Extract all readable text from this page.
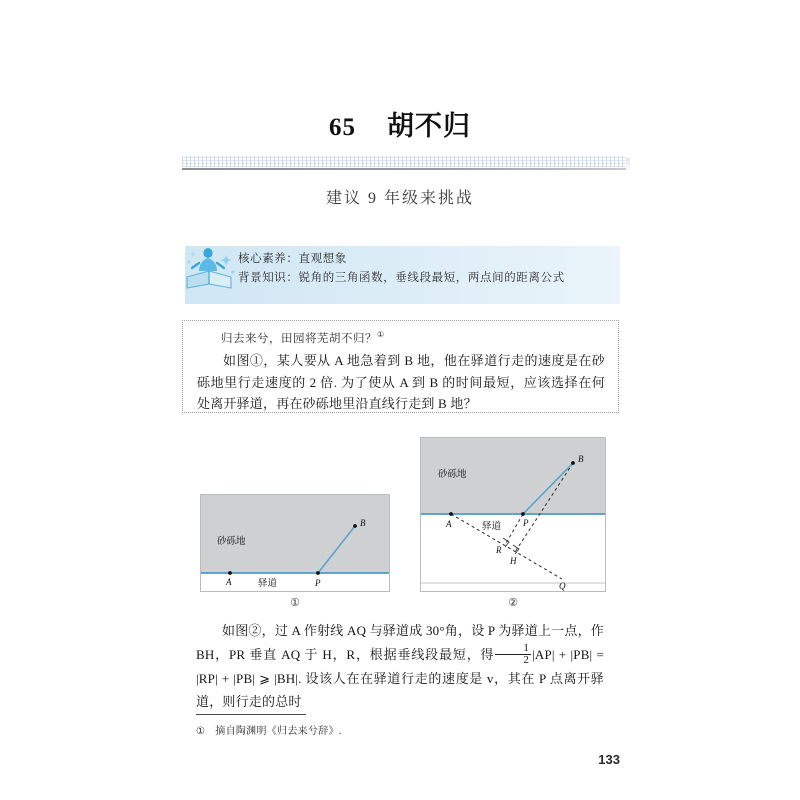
65 胡不归
建议 9 年级来挑战
核心素养：直观想象
背景知识：锐角的三角函数，垂线段最短，两点间的距离公式
归去来兮，田园将芜胡不归？①
如图①，某人要从 A 地急着到 B 地，他在驿道行走的速度是在砂砾地里行走速度的 2 倍. 为了使从 A 到 B 的时间最短，应该选择在何处离开驿道，再在砂砾地里沿直线行走到 B 地？
砂砾地
A	P
B
驿道
①
砂砾地
驿道
A	P
B
R
H
Q
②
如图②，过 A 作射线 AQ 与驿道成 30°角，设 P 为驿道上一点，作 BH，PR 垂直 AQ 于 H，R，根据垂线段最短，得 $\frac{1}{2} |AP| + |PB| = |RP| + |PB|$ ⩾ |BH|. 设该人在在驿道行走的速度是 v，其在 P 点离开驿道，则行走的总时
① 摘自陶渊明《归去来兮辞》.
133
